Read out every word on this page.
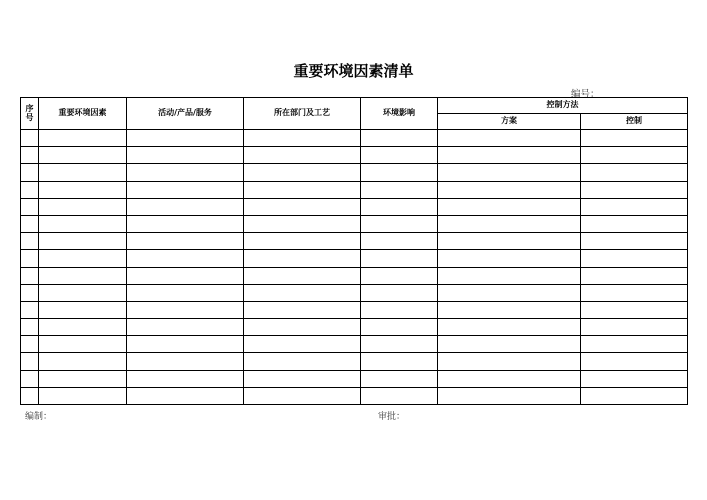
重要环境因素清单
编号：
序
号	重要环境因素	活动/产品/服务	所在部门及工艺	环境影响	控制方法	
					方案	控制

编制：	审批：
